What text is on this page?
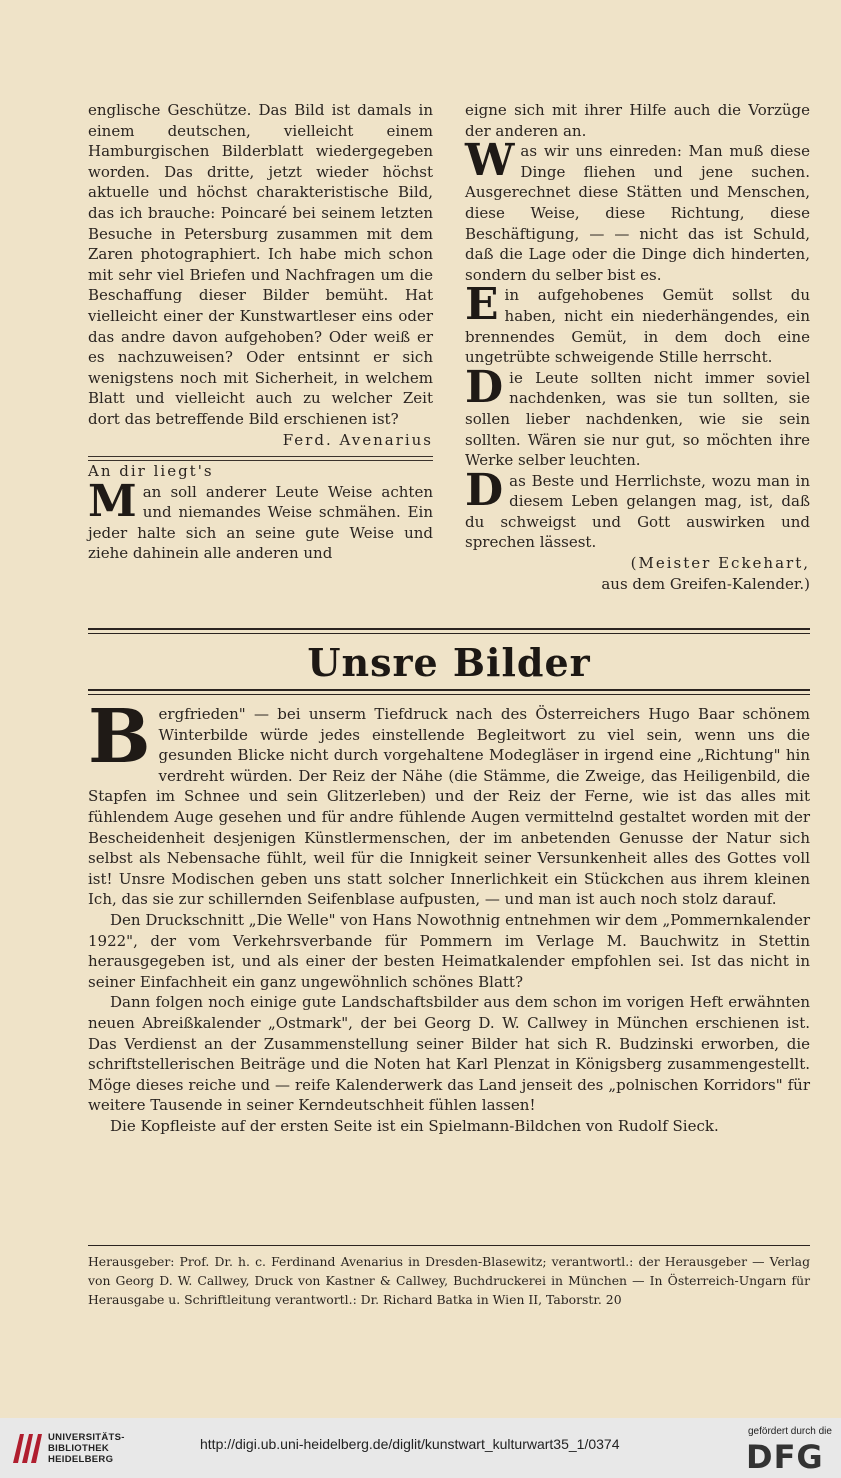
englische Geschütze. Das Bild ist damals in einem deutschen, vielleicht einem Hamburgischen Bilderblatt wiedergegeben worden. Das dritte, jetzt wieder höchst aktuelle und höchst charakteristische Bild, das ich brauche: Poincaré bei seinem letzten Besuche in Petersburg zusammen mit dem Zaren photographiert. Ich habe mich schon mit sehr viel Briefen und Nachfragen um die Beschaffung dieser Bilder bemüht. Hat vielleicht einer der Kunstwartleser eins oder das andre davon aufgehoben? Oder weiß er es nachzuweisen? Oder entsinnt er sich wenigstens noch mit Sicherheit, in welchem Blatt und vielleicht auch zu welcher Zeit dort das betreffende Bild erschienen ist?

Ferd. Avenarius

An dir liegt's

Man soll anderer Leute Weise achten und niemandes Weise schmähen. Ein jeder halte sich an seine gute Weise und ziehe dahinein alle anderen und

eigne sich mit ihrer Hilfe auch die Vorzüge der anderen an.

Was wir uns einreden: Man muß diese Dinge fliehen und jene suchen. Ausgerechnet diese Stätten und Menschen, diese Weise, diese Richtung, diese Beschäftigung, — — nicht das ist Schuld, daß die Lage oder die Dinge dich hinderten, sondern du selber bist es.

Ein aufgehobenes Gemüt sollst du haben, nicht ein niederhängendes, ein brennendes Gemüt, in dem doch eine ungetrübte schweigende Stille herrscht.

Die Leute sollten nicht immer soviel nachdenken, was sie tun sollten, sie sollen lieber nachdenken, wie sie sein sollten. Wären sie nur gut, so möchten ihre Werke selber leuchten.

Das Beste und Herrlichste, wozu man in diesem Leben gelangen mag, ist, daß du schweigst und Gott auswirken und sprechen lässest.

(Meister Eckehart,

aus dem Greifen-Kalender.)

Unsre Bilder

Bergfrieden" — bei unserm Tiefdruck nach des Österreichers Hugo Baar schönem Winterbilde würde jedes einstellende Begleitwort zu viel sein, wenn uns die gesunden Blicke nicht durch vorgehaltene Modegläser in irgend eine „Richtung" hin verdreht würden. Der Reiz der Nähe (die Stämme, die Zweige, das Heiligenbild, die Stapfen im Schnee und sein Glitzerleben) und der Reiz der Ferne, wie ist das alles mit fühlendem Auge gesehen und für andre fühlende Augen vermittelnd gestaltet worden mit der Bescheidenheit desjenigen Künstlermenschen, der im anbetenden Genusse der Natur sich selbst als Nebensache fühlt, weil für die Innigkeit seiner Versunkenheit alles des Gottes voll ist! Unsre Modischen geben uns statt solcher Innerlichkeit ein Stückchen aus ihrem kleinen Ich, das sie zur schillernden Seifenblase aufpusten, — und man ist auch noch stolz darauf.

Den Druckschnitt „Die Welle" von Hans Nowothnig entnehmen wir dem „Pommernkalender 1922", der vom Verkehrsverbande für Pommern im Verlage M. Bauchwitz in Stettin herausgegeben ist, und als einer der besten Heimatkalender empfohlen sei. Ist das nicht in seiner Einfachheit ein ganz ungewöhnlich schönes Blatt?

Dann folgen noch einige gute Landschaftsbilder aus dem schon im vorigen Heft erwähnten neuen Abreißkalender „Ostmark", der bei Georg D. W. Callwey in München erschienen ist. Das Verdienst an der Zusammenstellung seiner Bilder hat sich R. Budzinski erworben, die schriftstellerischen Beiträge und die Noten hat Karl Plenzat in Königsberg zusammengestellt. Möge dieses reiche und — reife Kalenderwerk das Land jenseit des „polnischen Korridors" für weitere Tausende in seiner Kerndeutschheit fühlen lassen!

Die Kopfleiste auf der ersten Seite ist ein Spielmann-Bildchen von Rudolf Sieck.

Herausgeber: Prof. Dr. h. c. Ferdinand Avenarius in Dresden-Blasewitz; verantwortl.: der Herausgeber — Verlag von Georg D. W. Callwey, Druck von Kastner & Callwey, Buchdruckerei in München — In Österreich-Ungarn für Herausgabe u. Schriftleitung verantwortl.: Dr. Richard Batka in Wien II, Taborstr. 20

UNIVERSITÄTS-
BIBLIOTHEK
HEIDELBERG
http://digi.ub.uni-heidelberg.de/diglit/kunstwart_kulturwart35_1/0374
gefördert durch die
DFG
